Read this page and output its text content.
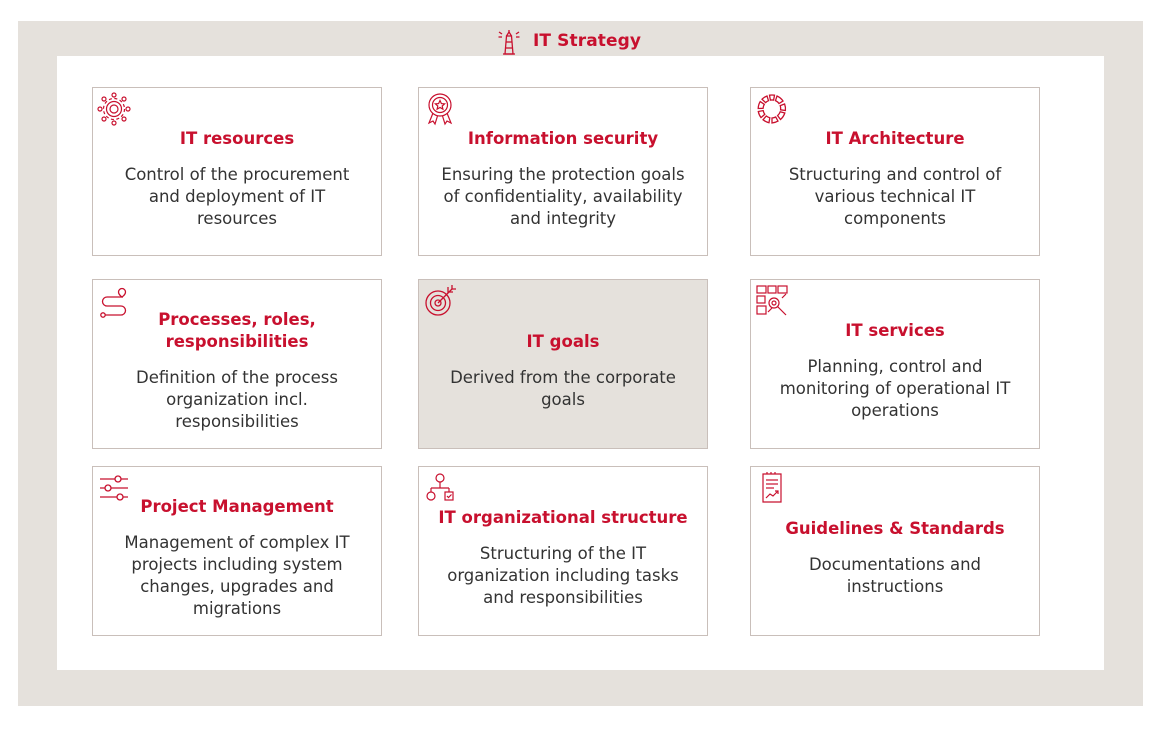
IT Strategy
IT resources
Control of the procurement and deployment of IT resources
Information security
Ensuring the protection goals of confidentiality, availability and integrity
IT Architecture
Structuring and control of various technical IT components
Processes, roles, responsibilities
Definition of the process organization incl. responsibilities
IT goals
Derived from the corporate goals
IT services
Planning, control and monitoring of operational IT operations
Project Management
Management of complex IT projects including system changes, upgrades and migrations
IT organizational structure
Structuring of the IT organization including tasks and responsibilities
Guidelines & Standards
Documentations and instructions
